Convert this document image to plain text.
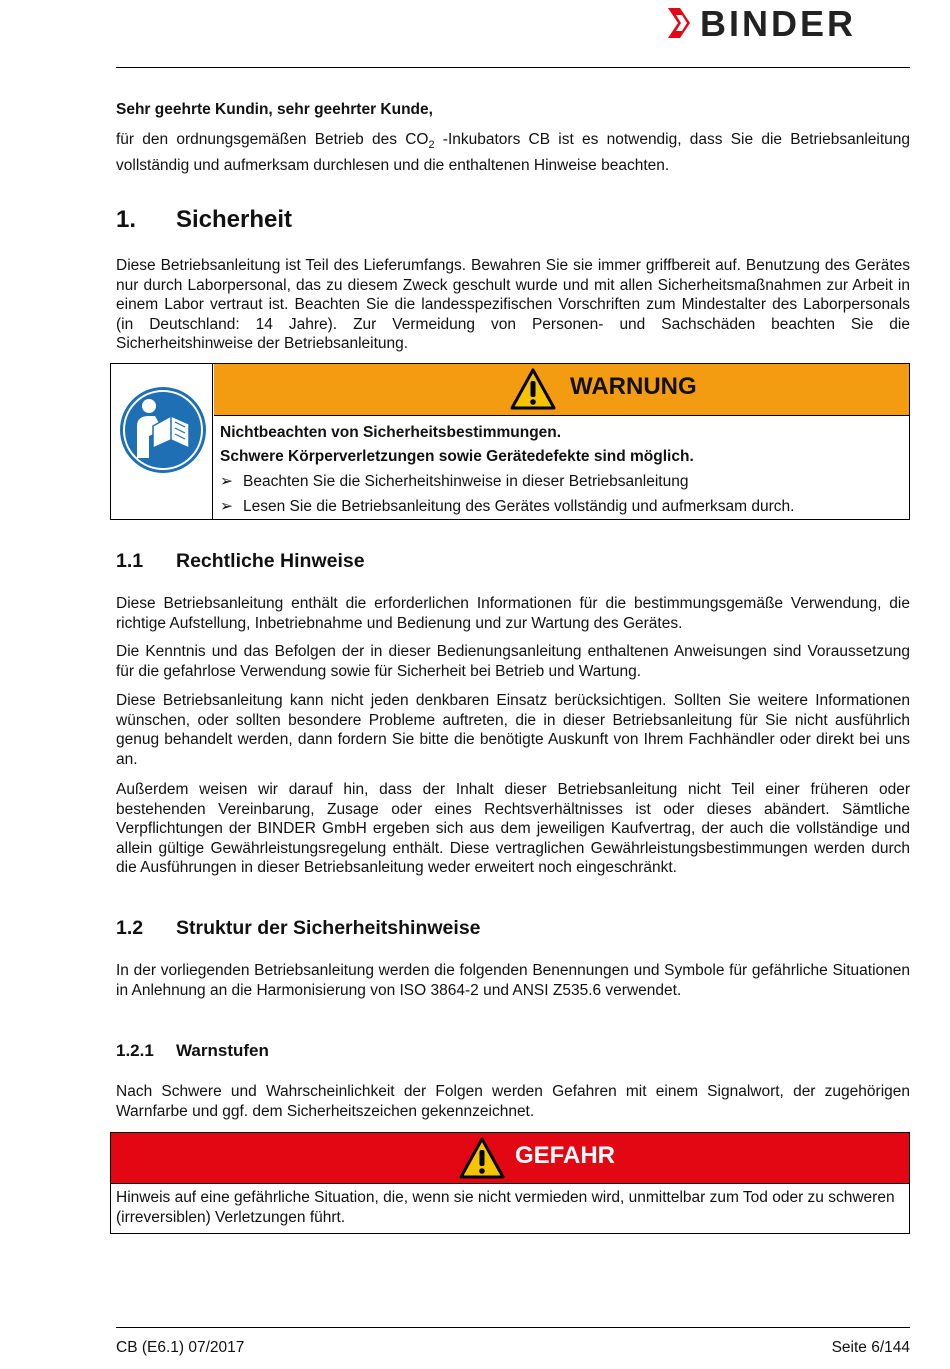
BINDER

Sehr geehrte Kundin, sehr geehrter Kunde,

für den ordnungsgemäßen Betrieb des $CO_2$ -Inkubators CB ist es notwendig, dass Sie die Betriebsanleitung vollständig und aufmerksam durchlesen und die enthaltenen Hinweise beachten.

1. Sicherheit

Diese Betriebsanleitung ist Teil des Lieferumfangs. Bewahren Sie sie immer griffbereit auf. Benutzung des Gerätes nur durch Laborpersonal, das zu diesem Zweck geschult wurde und mit allen Sicherheitsmaßnahmen zur Arbeit in einem Labor vertraut ist. Beachten Sie die landesspezifischen Vorschriften zum Mindestalter des Laborpersonals (in Deutschland: 14 Jahre). Zur Vermeidung von Personen- und Sachschäden beachten Sie die Sicherheitshinweise der Betriebsanleitung.

WARNUNG

Nichtbeachten von Sicherheitsbestimmungen.

Schwere Körperverletzungen sowie Gerätedefekte sind möglich.

➢ Beachten Sie die Sicherheitshinweise in dieser Betriebsanleitung
➢ Lesen Sie die Betriebsanleitung des Gerätes vollständig und aufmerksam durch.
1.1 Rechtliche Hinweise

Diese Betriebsanleitung enthält die erforderlichen Informationen für die bestimmungsgemäße Verwendung, die richtige Aufstellung, Inbetriebnahme und Bedienung und zur Wartung des Gerätes.

Die Kenntnis und das Befolgen der in dieser Bedienungsanleitung enthaltenen Anweisungen sind Voraussetzung für die gefahrlose Verwendung sowie für Sicherheit bei Betrieb und Wartung.

Diese Betriebsanleitung kann nicht jeden denkbaren Einsatz berücksichtigen. Sollten Sie weitere Informationen wünschen, oder sollten besondere Probleme auftreten, die in dieser Betriebsanleitung für Sie nicht ausführlich genug behandelt werden, dann fordern Sie bitte die benötigte Auskunft von Ihrem Fachhändler oder direkt bei uns an.

Außerdem weisen wir darauf hin, dass der Inhalt dieser Betriebsanleitung nicht Teil einer früheren oder bestehenden Vereinbarung, Zusage oder eines Rechtsverhältnisses ist oder dieses abändert. Sämtliche Verpflichtungen der BINDER GmbH ergeben sich aus dem jeweiligen Kaufvertrag, der auch die vollständige und allein gültige Gewährleistungsregelung enthält. Diese vertraglichen Gewährleistungsbestimmungen werden durch die Ausführungen in dieser Betriebsanleitung weder erweitert noch eingeschränkt.

1.2 Struktur der Sicherheitshinweise

In der vorliegenden Betriebsanleitung werden die folgenden Benennungen und Symbole für gefährliche Situationen in Anlehnung an die Harmonisierung von ISO 3864-2 und ANSI Z535.6 verwendet.

1.2.1 Warnstufen

Nach Schwere und Wahrscheinlichkeit der Folgen werden Gefahren mit einem Signalwort, der zugehörigen Warnfarbe und ggf. dem Sicherheitszeichen gekennzeichnet.

GEFAHR
Hinweis auf eine gefährliche Situation, die, wenn sie nicht vermieden wird, unmittelbar zum Tod oder zu schweren (irreversiblen) Verletzungen führt.
CB (E6.1) 07/2017	Seite 6/144
